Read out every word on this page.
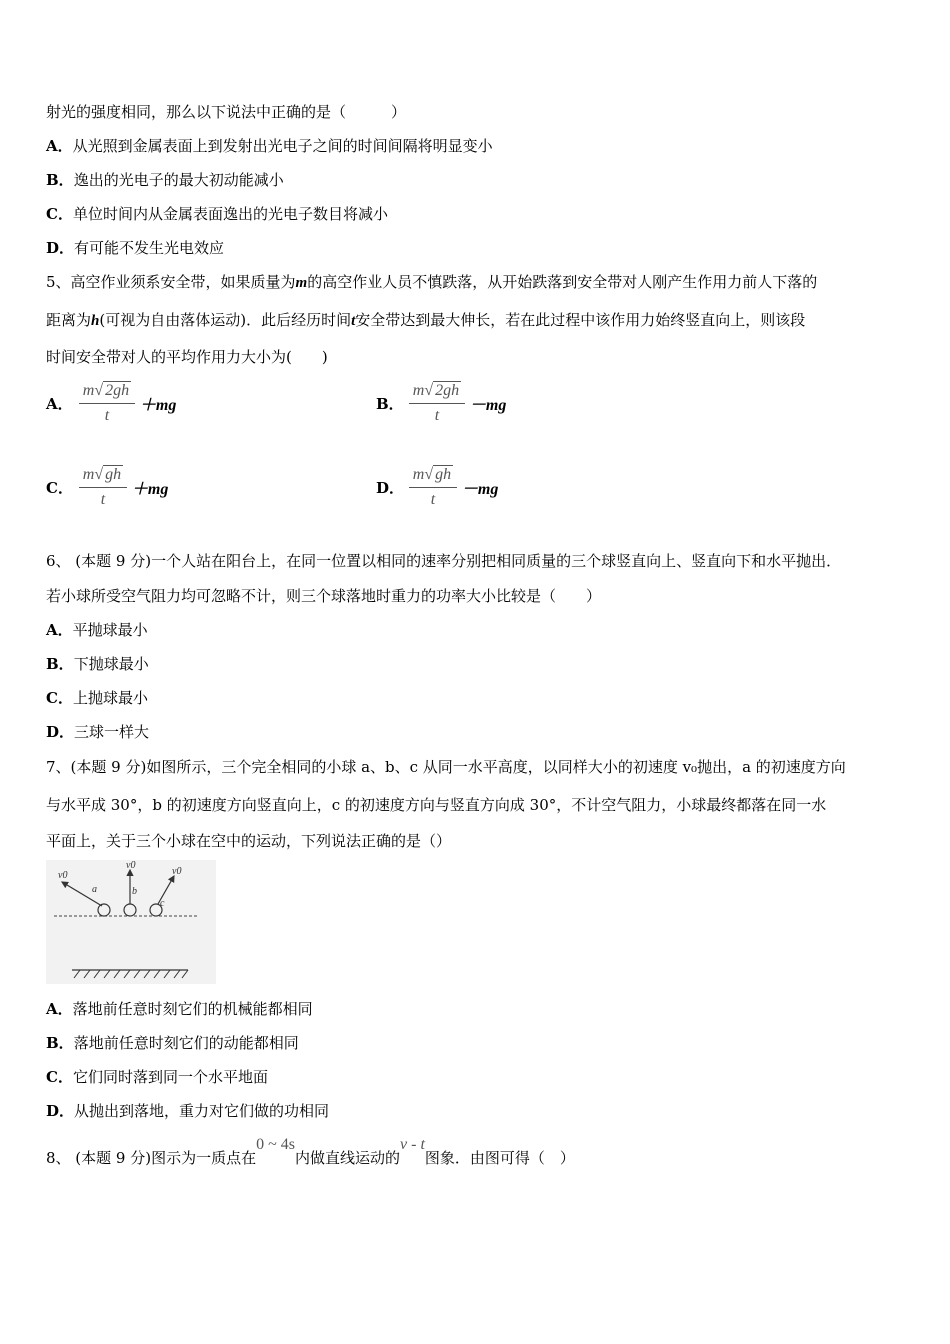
射光的强度相同，那么以下说法中正确的是（　　　）
A．从光照到金属表面上到发射出光电子之间的时间间隔将明显变小
B．逸出的光电子的最大初动能减小
C．单位时间内从金属表面逸出的光电子数目将减小
D．有可能不发生光电效应
5、高空作业须系安全带，如果质量为m的高空作业人员不慎跌落，从开始跌落到安全带对人刚产生作用力前人下落的
距离为h(可视为自由落体运动)．此后经历时间t安全带达到最大伸长，若在此过程中该作用力始终竖直向上，则该段
时间安全带对人的平均作用力大小为(　　)
A． $\frac{m√ 2gh}{t} +mg$	B． $\frac{m√ 2gh}{t} -mg$
C． $\frac{m√ gh}{t} +mg$	D． $\frac{m√ gh}{t} -mg$
6、 (本题 9 分)一个人站在阳台上，在同一位置以相同的速率分别把相同质量的三个球竖直向上、竖直向下和水平抛出．
若小球所受空气阻力均可忽略不计，则三个球落地时重力的功率大小比较是（　　）
A．平抛球最小
B．下抛球最小
C．上抛球最小
D．三球一样大
7、(本题 9 分)如图所示，三个完全相同的小球 a、b、c 从同一水平高度，以同样大小的初速度 v₀抛出，a 的初速度方向
与水平成 30°，b 的初速度方向竖直向上，c 的初速度方向与竖直方向成 30°，不计空气阻力，小球最终都落在同一水
平面上，关于三个小球在空中的运动，下列说法正确的是（）
v0
v0
v0
a	b
c
A．落地前任意时刻它们的机械能都相同
B．落地前任意时刻它们的动能都相同
C．它们同时落到同一个水平地面
D．从抛出到落地，重力对它们做的功相同
8、 (本题 9 分)图示为一质点在0 ~ 4s内做直线运动的v - t图象．由图可得（　）
